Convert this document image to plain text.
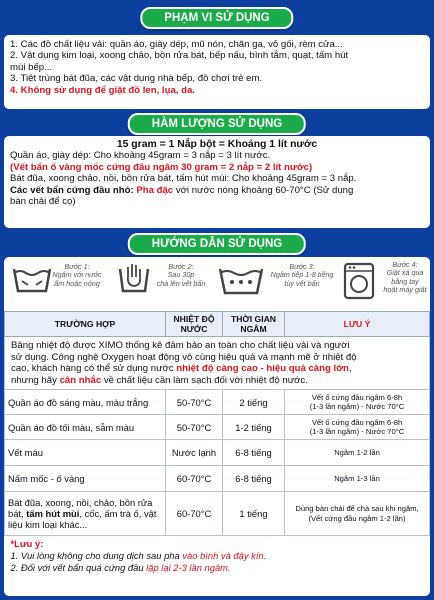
PHẠM VI SỬ DỤNG
1. Các đồ chất liệu vải: quần áo, giày dép, mũ nón, chăn ga, vỏ gối, rèm cửa...
2. Vật dụng kim loại, xoong chảo, bồn rửa bát, bếp nấu, bình tắm, quạt, tấm hút
mùi bếp...
3. Tiệt trùng bát đũa, các vật dụng nhà bếp, đồ chơi trẻ em.
4. Không sử dụng để giặt đồ len, lụa, da.
HÀM LƯỢNG SỬ DỤNG
15 gram = 1 Nắp bột = Khoảng 1 lít nước
Quần áo, giày dép: Cho khoảng 45gram = 3 nắp = 3 lít nước.
(Vết bẩn ố vàng mốc cứng đầu ngâm 30 gram = 2 nắp = 2 lít nước)
Bát đũa, xoong chảo, nồi, bồn rửa bát, tấm hút mùi: Cho khoảng 45gram = 3 nắp.
Các vết bẩn cứng đầu nhỏ: Pha đặc với nước nóng khoảng 60-70°C (Sử dụng
bàn chải để cọ)
HƯỚNG DẪN SỬ DỤNG
Bước 1:
Ngâm với nước
ấm hoặc nóng
Bước 2:
Sau 30p
chà lên vết bẩn
Bước 3:
Ngâm tiếp 1-8 tiếng
tùy vết bẩn
Bước 4:
Giặt xả qua
bằng tay
hoặt máy giặt
TRƯỜNG HỢP	NHIỆT ĐỘ NƯỚC	THỜI GIAN NGÂM	LƯU Ý

Bảng nhiệt độ được XIMO thống kê đảm bảo an toàn cho chất liệu vải và người
sử dụng. Công nghệ Oxygen hoạt động vô cùng hiệu quả và mạnh mẽ ở nhiệt độ
cao, khách hàng có thể sử dụng nước nhiệt độ càng cao - hiệu quả càng lớn,
nhưng hãy cân nhắc về chất liệu cần làm sạch đối với nhiệt độ nước.			

Quần áo đồ sáng màu, màu trắng	50-70°C	2 tiếng	Vết ố cứng đầu ngâm 6-8h
(1-3 lần ngâm) - Nước 70°C
Quần áo đồ tối màu, sẫm màu	50-70°C	1-2 tiếng	Vết ố cứng đầu ngâm 6-8h
(1-3 lần ngâm) - Nước 70°C
Vết máu	Nước lạnh	6-8 tiếng	Ngâm 1-2 lần
Nấm mốc - ố vàng	60-70°C	6-8 tiếng	Ngâm 1-3 lần
Bát đũa, xoong, nồi, chảo, bồn rửa bát, tấm hút mùi, cốc, ấm trà ố, vật liệu kim loại khác...	60-70°C	1 tiếng	Dùng bàn chải để chà sau khi ngâm, (Vết cứng đầu ngâm 1-2 lần)

*Lưu ý:
1. Vui lòng không cho dung dịch sau pha vào bình và đậy kín.
2. Đối với vết bẩn quá cứng đầu lặp lại 2-3 lần ngâm.			
